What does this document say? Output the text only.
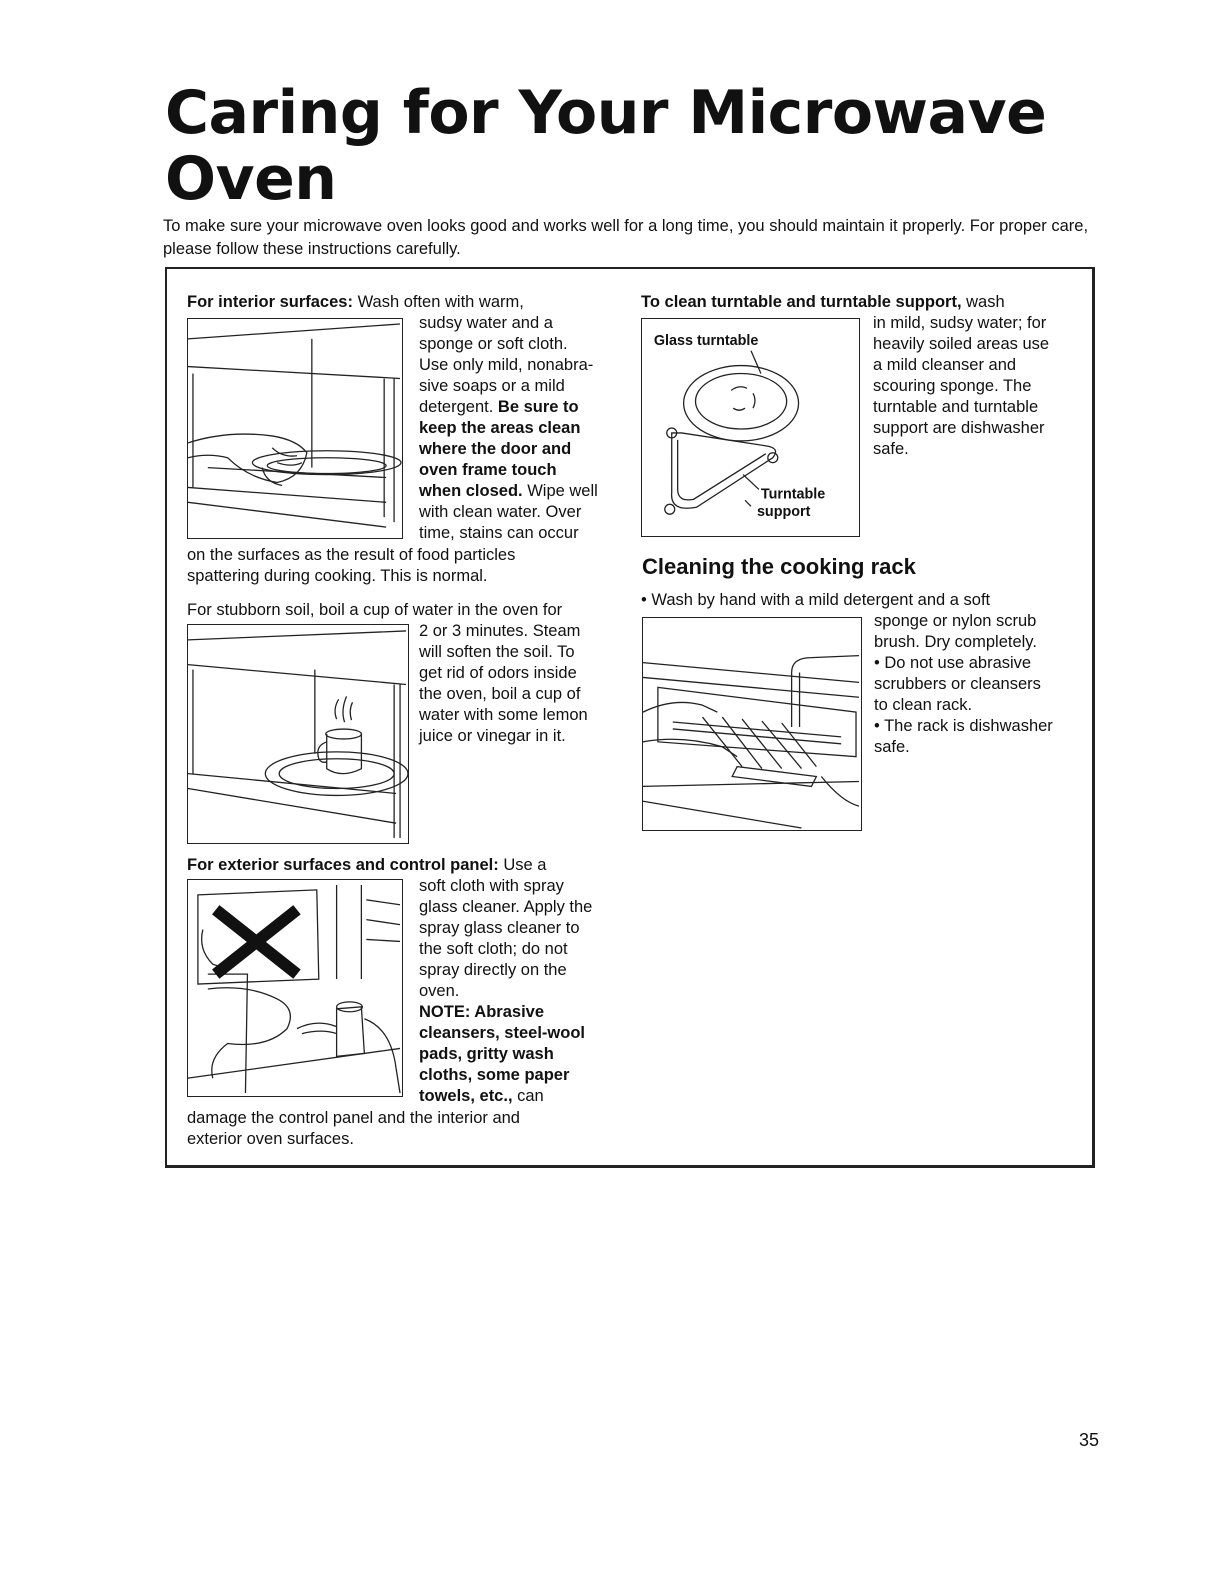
Caring for Your Microwave Oven

To make sure your microwave oven looks good and works well for a long time, you should maintain it properly. For proper care, please follow these instructions carefully.

For interior surfaces: Wash often with warm,
sudsy water and a
sponge or soft cloth.
Use only mild, nonabra-
sive soaps or a mild
detergent. Be sure to
keep the areas clean
where the door and
oven frame touch
when closed. Wipe well
with clean water. Over
time, stains can occur
on the surfaces as the result of food particles
spattering during cooking. This is normal.
For stubborn soil, boil a cup of water in the oven for
2 or 3 minutes. Steam
will soften the soil. To
get rid of odors inside
the oven, boil a cup of
water with some lemon
juice or vinegar in it.
For exterior surfaces and control panel: Use a
soft cloth with spray
glass cleaner. Apply the
spray glass cleaner to
the soft cloth; do not
spray directly on the
oven.
NOTE: Abrasive
cleansers, steel-wool
pads, gritty wash
cloths, some paper
towels, etc., can
damage the control panel and the interior and
exterior oven surfaces.
To clean turntable and turntable support, wash
in mild, sudsy water; for
heavily soiled areas use
a mild cleanser and
scouring sponge. The
turntable and turntable
support are dishwasher
safe.
Glass turntable
Turntable
support
Cleaning the cooking rack
• Wash by hand with a mild detergent and a soft
sponge or nylon scrub
brush. Dry completely.
• Do not use abrasive
scrubbers or cleansers
to clean rack.
• The rack is dishwasher
safe.
35
